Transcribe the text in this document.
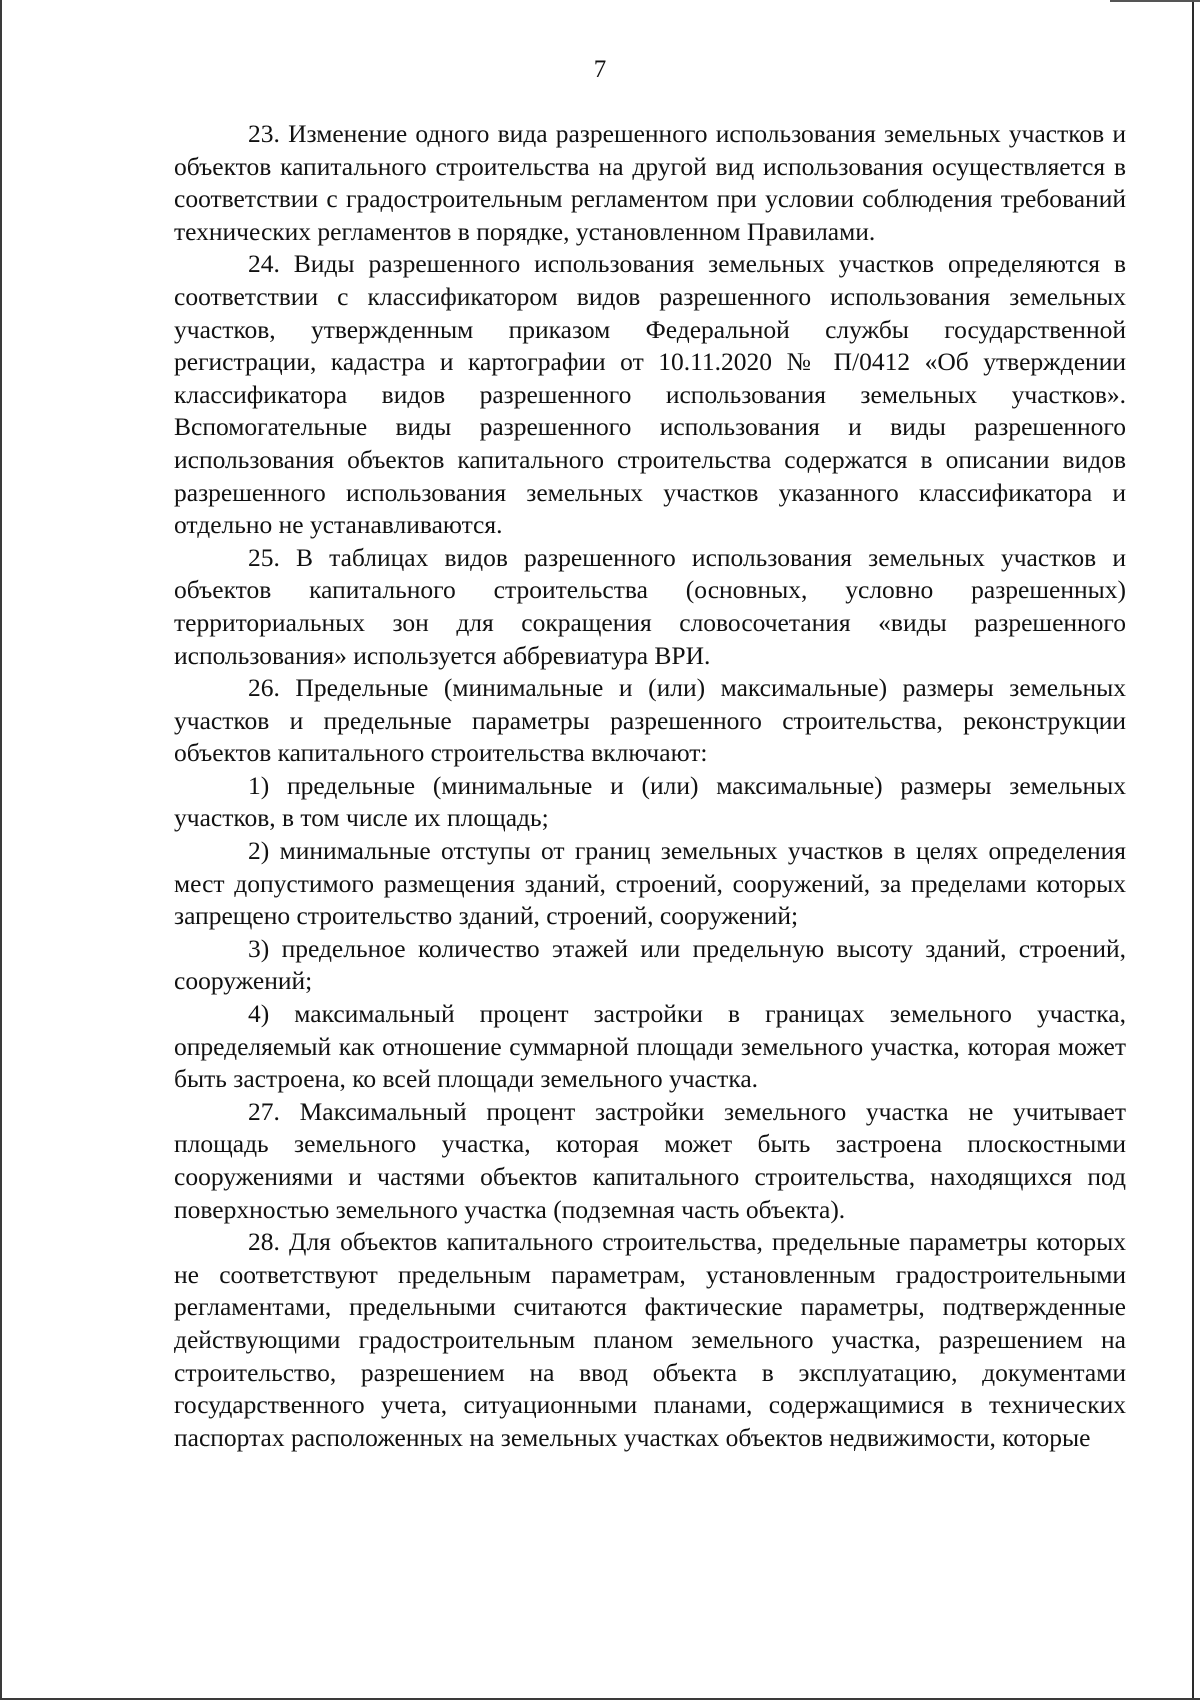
7

23. Изменение одного вида разрешенного использования земельных участков и объектов капитального строительства на другой вид использования осуществляется в соответствии с градостроительным регламентом при условии соблюдения требований технических регламентов в порядке, установленном Правилами.

24. Виды разрешенного использования земельных участков определяются в соответствии с классификатором видов разрешенного использования земельных участков, утвержденным приказом Федеральной службы государственной регистрации, кадастра и картографии от 10.11.2020 № П/0412 «Об утверждении классификатора видов разрешенного использования земельных участков». Вспомогательные виды разрешенного использования и виды разрешенного использования объектов капитального строительства содержатся в описании видов разрешенного использования земельных участков указанного классификатора и отдельно не устанавливаются.

25. В таблицах видов разрешенного использования земельных участков и объектов капитального строительства (основных, условно разрешенных) территориальных зон для сокращения словосочетания «виды разрешенного использования» используется аббревиатура ВРИ.

26. Предельные (минимальные и (или) максимальные) размеры земельных участков и предельные параметры разрешенного строительства, реконструкции объектов капитального строительства включают:

1) предельные (минимальные и (или) максимальные) размеры земельных участков, в том числе их площадь;

2) минимальные отступы от границ земельных участков в целях определения мест допустимого размещения зданий, строений, сооружений, за пределами которых запрещено строительство зданий, строений, сооружений;

3) предельное количество этажей или предельную высоту зданий, строений, сооружений;

4) максимальный процент застройки в границах земельного участка, определяемый как отношение суммарной площади земельного участка, которая может быть застроена, ко всей площади земельного участка.

27. Максимальный процент застройки земельного участка не учитывает площадь земельного участка, которая может быть застроена плоскостными сооружениями и частями объектов капитального строительства, находящихся под поверхностью земельного участка (подземная часть объекта).

28. Для объектов капитального строительства, предельные параметры которых не соответствуют предельным параметрам, установленным градостроительными регламентами, предельными считаются фактические параметры, подтвержденные действующими градостроительным планом земельного участка, разрешением на строительство, разрешением на ввод объекта в эксплуатацию, документами государственного учета, ситуационными планами, содержащимися в технических паспортах расположенных на земельных участках объектов недвижимости, которые
